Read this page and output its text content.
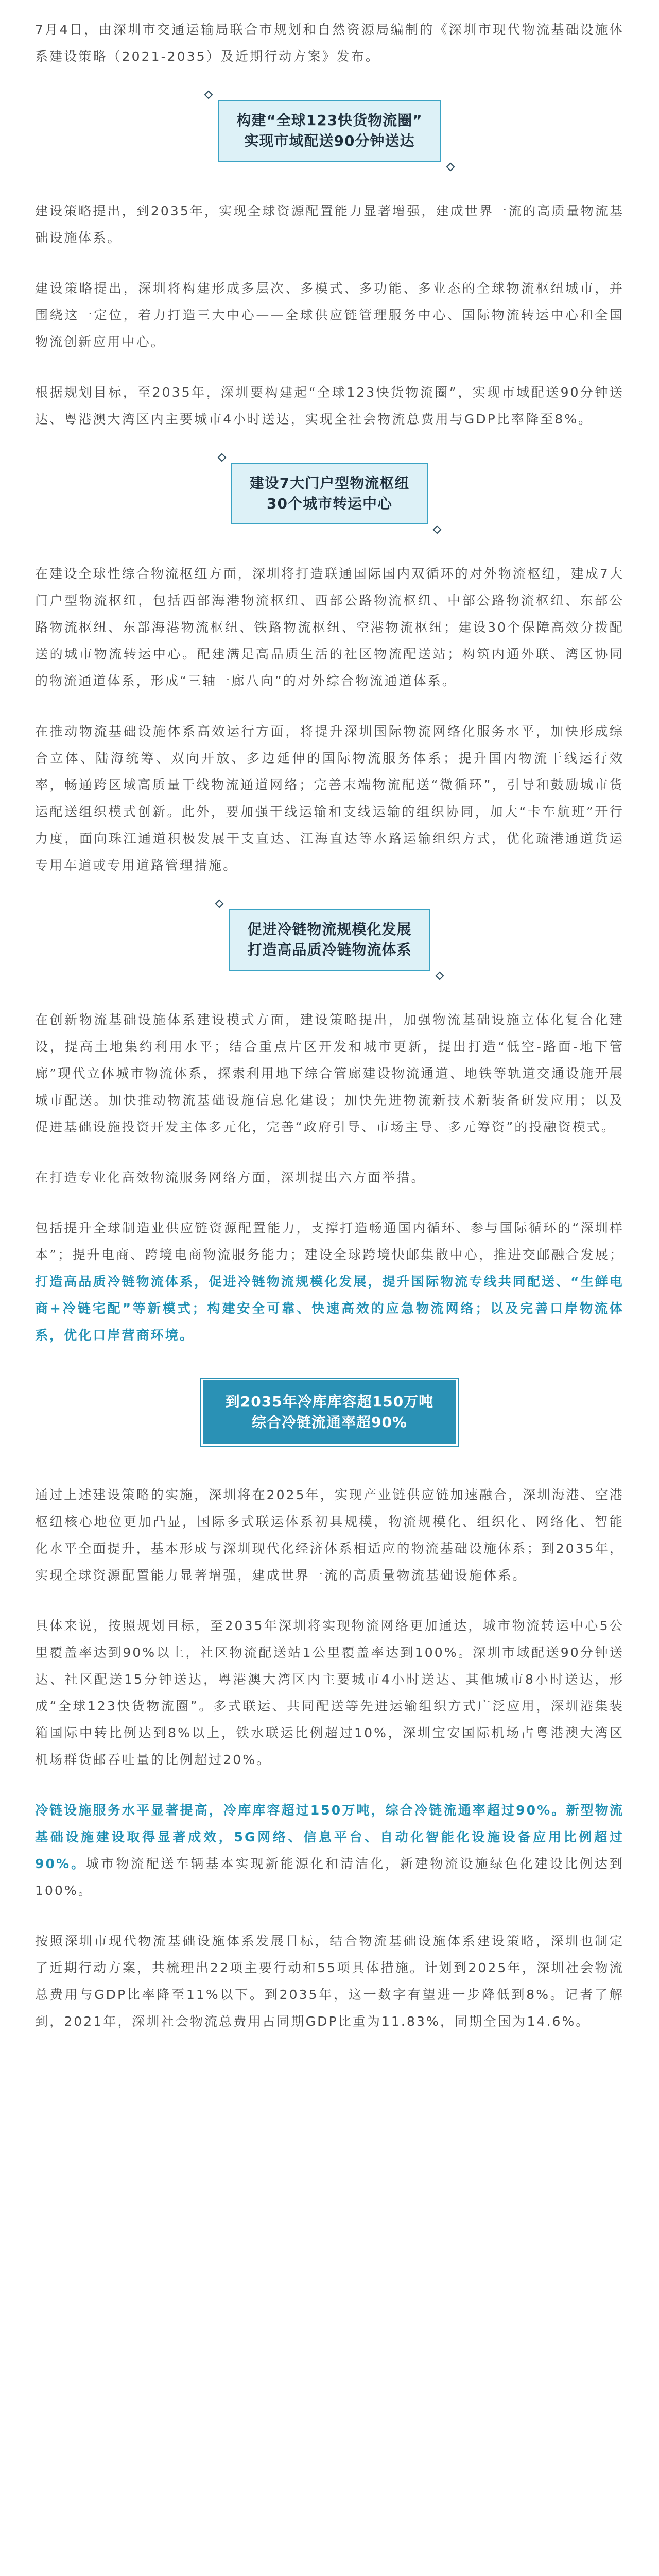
7月4日，由深圳市交通运输局联合市规划和自然资源局编制的《深圳市现代物流基础设施体系建设策略（2021-2035）及近期行动方案》发布。

构建“全球123快货物流圈”
实现市域配送90分钟送达

建设策略提出，到2035年，实现全球资源配置能力显著增强，建成世界一流的高质量物流基础设施体系。

建设策略提出，深圳将构建形成多层次、多模式、多功能、多业态的全球物流枢纽城市，并围绕这一定位，着力打造三大中心——全球供应链管理服务中心、国际物流转运中心和全国物流创新应用中心。

根据规划目标，至2035年，深圳要构建起“全球123快货物流圈”，实现市域配送90分钟送达、粤港澳大湾区内主要城市4小时送达，实现全社会物流总费用与GDP比率降至8%。

建设7大门户型物流枢纽
30个城市转运中心

在建设全球性综合物流枢纽方面，深圳将打造联通国际国内双循环的对外物流枢纽，建成7大门户型物流枢纽，包括西部海港物流枢纽、西部公路物流枢纽、中部公路物流枢纽、东部公路物流枢纽、东部海港物流枢纽、铁路物流枢纽、空港物流枢纽；建设30个保障高效分拨配送的城市物流转运中心。配建满足高品质生活的社区物流配送站；构筑内通外联、湾区协同的物流通道体系，形成“三轴一廊八向”的对外综合物流通道体系。

在推动物流基础设施体系高效运行方面，将提升深圳国际物流网络化服务水平，加快形成综合立体、陆海统筹、双向开放、多边延伸的国际物流服务体系；提升国内物流干线运行效率，畅通跨区域高质量干线物流通道网络；完善末端物流配送“微循环”，引导和鼓励城市货运配送组织模式创新。此外，要加强干线运输和支线运输的组织协同，加大“卡车航班”开行力度，面向珠江通道积极发展干支直达、江海直达等水路运输组织方式，优化疏港通道货运专用车道或专用道路管理措施。

促进冷链物流规模化发展
打造高品质冷链物流体系

在创新物流基础设施体系建设模式方面，建设策略提出，加强物流基础设施立体化复合化建设，提高土地集约利用水平；结合重点片区开发和城市更新，提出打造“低空-路面-地下管廊”现代立体城市物流体系，探索利用地下综合管廊建设物流通道、地铁等轨道交通设施开展城市配送。加快推动物流基础设施信息化建设；加快先进物流新技术新装备研发应用；以及促进基础设施投资开发主体多元化，完善“政府引导、市场主导、多元筹资”的投融资模式。

在打造专业化高效物流服务网络方面，深圳提出六方面举措。

包括提升全球制造业供应链资源配置能力，支撑打造畅通国内循环、参与国际循环的“深圳样本”；提升电商、跨境电商物流服务能力；建设全球跨境快邮集散中心，推进交邮融合发展；打造高品质冷链物流体系，促进冷链物流规模化发展，提升国际物流专线共同配送、“生鲜电商+冷链宅配”等新模式；构建安全可靠、快速高效的应急物流网络；以及完善口岸物流体系，优化口岸营商环境。

到2035年冷库库容超150万吨
综合冷链流通率超90%

通过上述建设策略的实施，深圳将在2025年，实现产业链供应链加速融合，深圳海港、空港枢纽核心地位更加凸显，国际多式联运体系初具规模，物流规模化、组织化、网络化、智能化水平全面提升，基本形成与深圳现代化经济体系相适应的物流基础设施体系；到2035年，实现全球资源配置能力显著增强，建成世界一流的高质量物流基础设施体系。

具体来说，按照规划目标，至2035年深圳将实现物流网络更加通达，城市物流转运中心5公里覆盖率达到90%以上，社区物流配送站1公里覆盖率达到100%。深圳市域配送90分钟送达、社区配送15分钟送达，粤港澳大湾区内主要城市4小时送达、其他城市8小时送达，形成“全球123快货物流圈”。多式联运、共同配送等先进运输组织方式广泛应用，深圳港集装箱国际中转比例达到8%以上，铁水联运比例超过10%，深圳宝安国际机场占粤港澳大湾区机场群货邮吞吐量的比例超过20%。

冷链设施服务水平显著提高，冷库库容超过150万吨，综合冷链流通率超过90%。新型物流基础设施建设取得显著成效，5G网络、信息平台、自动化智能化设施设备应用比例超过90%。城市物流配送车辆基本实现新能源化和清洁化，新建物流设施绿色化建设比例达到100%。

按照深圳市现代物流基础设施体系发展目标，结合物流基础设施体系建设策略，深圳也制定了近期行动方案，共梳理出22项主要行动和55项具体措施。计划到2025年，深圳社会物流总费用与GDP比率降至11%以下。到2035年，这一数字有望进一步降低到8%。记者了解到，2021年，深圳社会物流总费用占同期GDP比重为11.83%，同期全国为14.6%。
